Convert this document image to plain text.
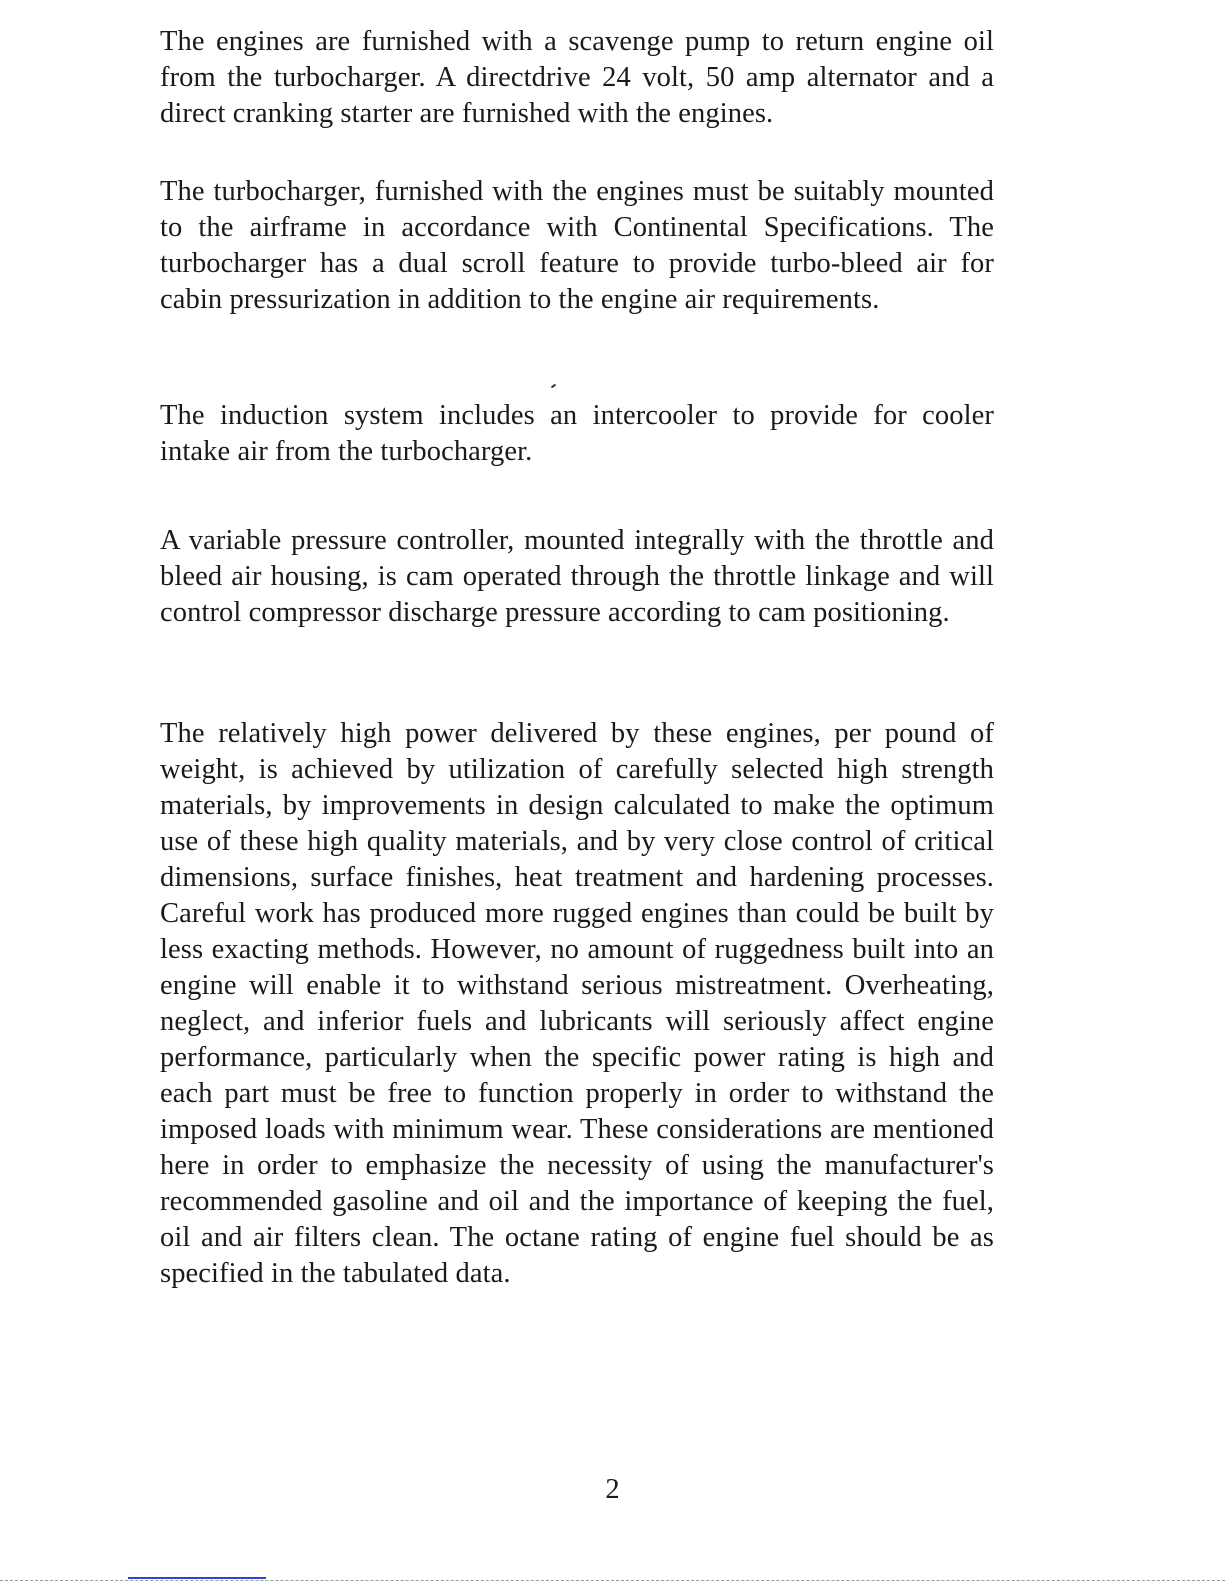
The engines are furnished with a scavenge pump to return engine oil from the turbocharger. A directdrive 24 volt, 50 amp alternator and a direct cranking starter are furnished with the engines.

The turbocharger, furnished with the engines must be suitably mounted to the airframe in accordance with Continental Specifications. The turbocharger has a dual scroll feature to provide turbo-bleed air for cabin pressurization in addition to the engine air requirements.

The induction system includes an intercooler to provide for cooler intake air from the turbocharger.

A variable pressure controller, mounted integrally with the throttle and bleed air housing, is cam operated through the throttle linkage and will control compressor discharge pressure according to cam positioning.

The relatively high power delivered by these engines, per pound of weight, is achieved by utilization of carefully selected high strength materials, by improvements in design calculated to make the optimum use of these high quality materials, and by very close control of critical dimensions, surface finishes, heat treatment and hardening processes. Careful work has produced more rugged engines than could be built by less exacting methods. However, no amount of ruggedness built into an engine will enable it to withstand serious mistreatment. Overheating, neglect, and inferior fuels and lubricants will seriously affect engine performance, particularly when the specific power rating is high and each part must be free to function properly in order to withstand the imposed loads with minimum wear. These considerations are mentioned here in order to emphasize the necessity of using the manufacturer's recommended gasoline and oil and the importance of keeping the fuel, oil and air filters clean. The octane rating of engine fuel should be as specified in the tabulated data.

2
